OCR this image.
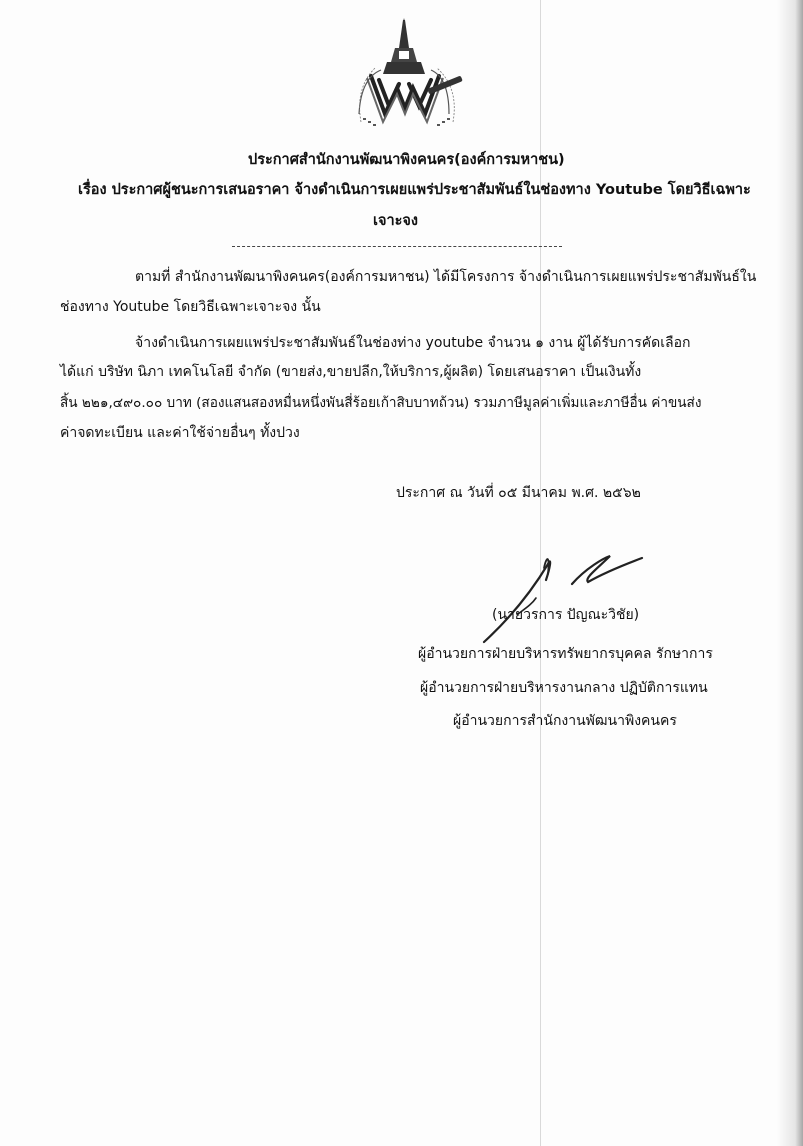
ประกาศสำนักงานพัฒนาพิงคนคร(องค์การมหาชน)
เรื่อง ประกาศผู้ชนะการเสนอราคา จ้างดำเนินการเผยแพร่ประชาสัมพันธ์ในช่องทาง Youtube โดยวิธีเฉพาะ
เจาะจง
ตามที่ สำนักงานพัฒนาพิงคนคร(องค์การมหาชน) ได้มีโครงการ จ้างดำเนินการเผยแพร่ประชาสัมพันธ์ใน
ช่องทาง Youtube โดยวิธีเฉพาะเจาะจง นั้น
จ้างดำเนินการเผยแพร่ประชาสัมพันธ์ในช่องท่าง youtube จำนวน ๑ งาน ผู้ได้รับการคัดเลือก
ได้แก่ บริษัท นิภา เทคโนโลยี จำกัด (ขายส่ง,ขายปลีก,ให้บริการ,ผู้ผลิต) โดยเสนอราคา เป็นเงินทั้ง
สิ้น ๒๒๑,๔๙๐.๐๐ บาท (สองแสนสองหมื่นหนึ่งพันสี่ร้อยเก้าสิบบาทถ้วน) รวมภาษีมูลค่าเพิ่มและภาษีอื่น ค่าขนส่ง
ค่าจดทะเบียน และค่าใช้จ่ายอื่นๆ ทั้งปวง
ประกาศ ณ วันที่ ๐๕ มีนาคม พ.ศ. ๒๕๖๒
(นายวรการ ปัญณะวิชัย)
ผู้อำนวยการฝ่ายบริหารทรัพยากรบุคคล รักษาการ
ผู้อำนวยการฝ่ายบริหารงานกลาง ปฏิบัติการแทน
ผู้อำนวยการสำนักงานพัฒนาพิงคนคร
